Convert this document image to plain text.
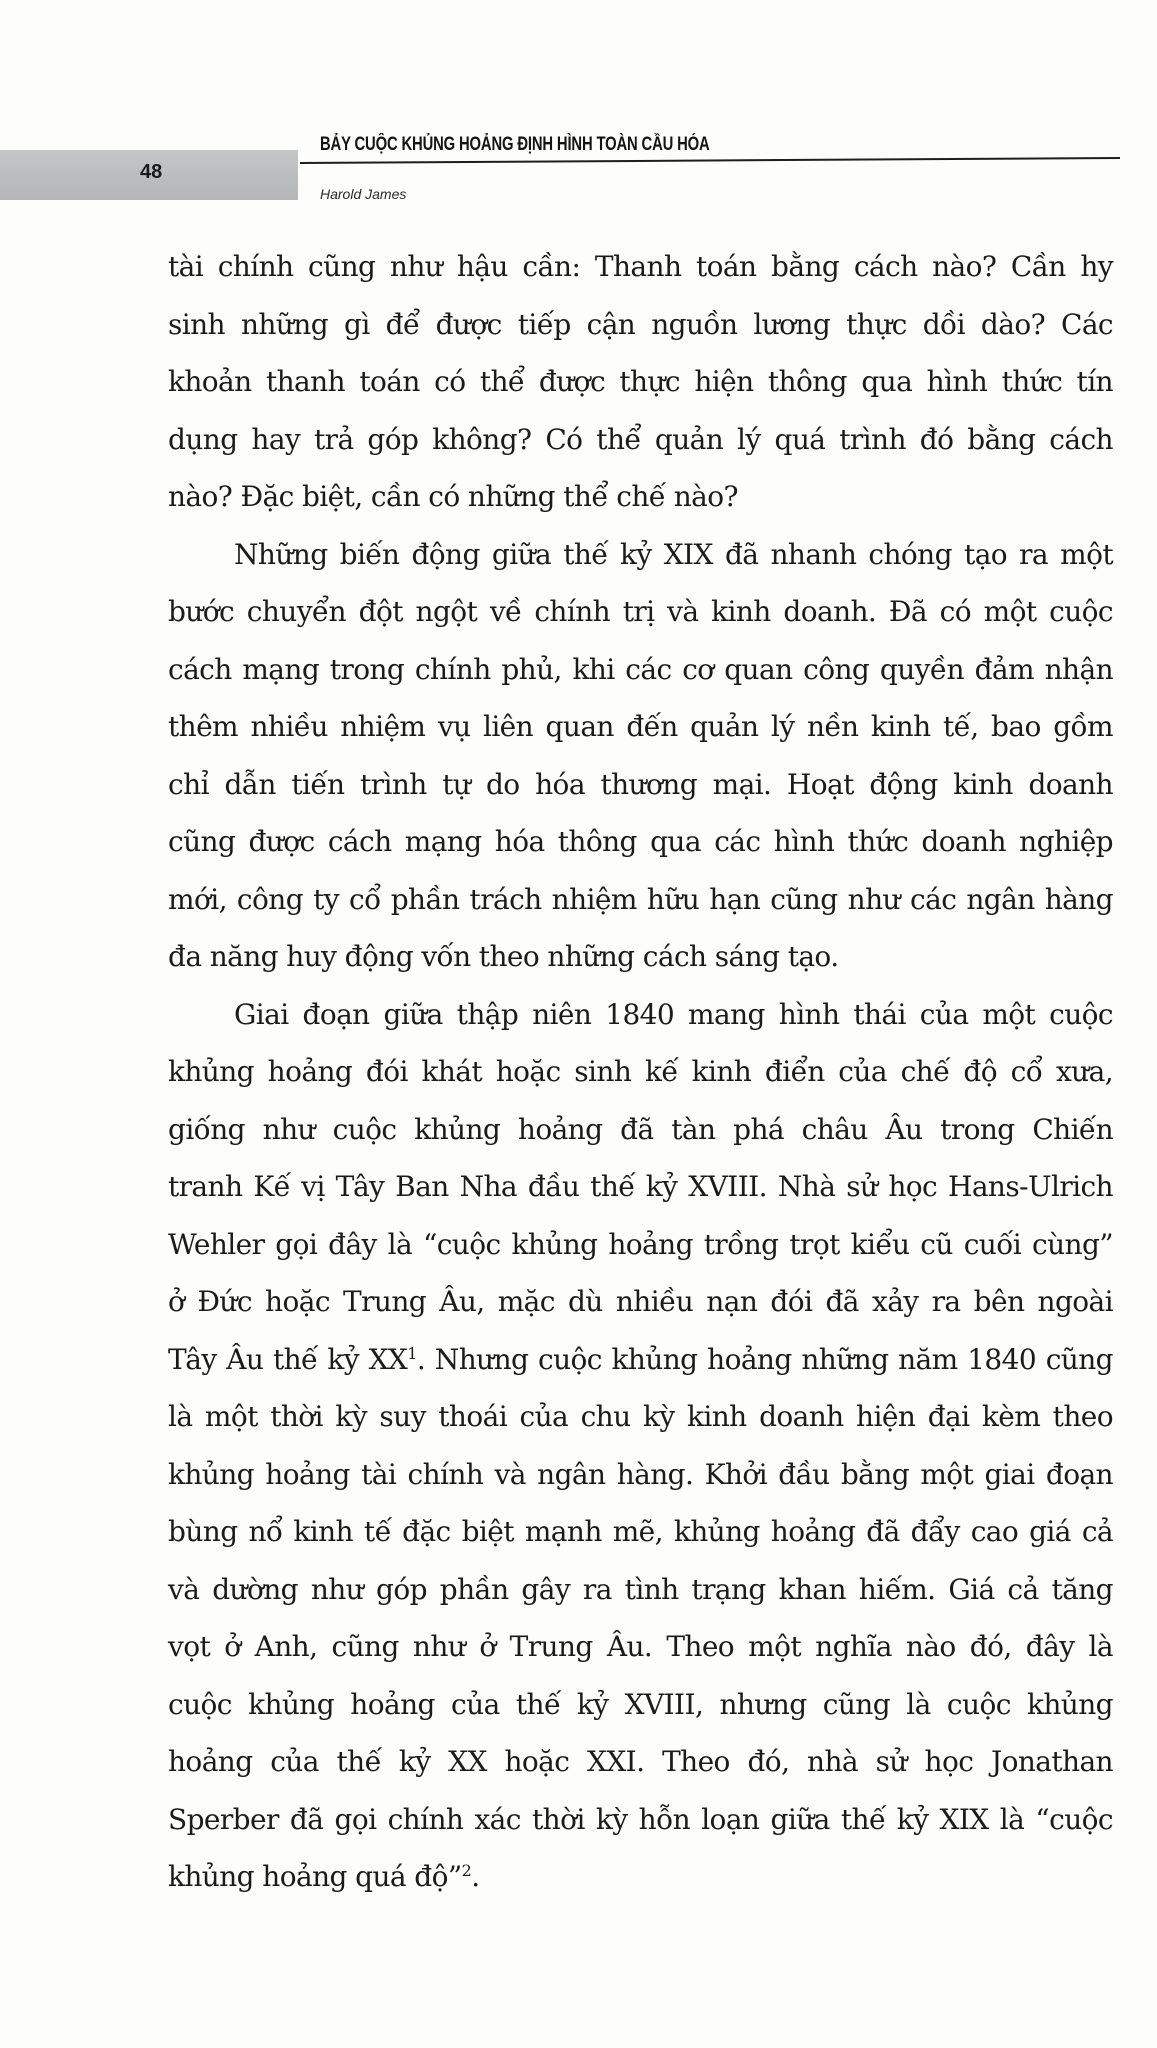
48
BẢY CUỘC KHỦNG HOẢNG ĐỊNH HÌNH TOÀN CẦU HÓA
Harold James
tài chính cũng như hậu cần: Thanh toán bằng cách nào? Cần hy
sinh những gì để được tiếp cận nguồn lương thực dồi dào? Các
khoản thanh toán có thể được thực hiện thông qua hình thức tín
dụng hay trả góp không? Có thể quản lý quá trình đó bằng cách
nào? Đặc biệt, cần có những thể chế nào?
Những biến động giữa thế kỷ XIX đã nhanh chóng tạo ra một
bước chuyển đột ngột về chính trị và kinh doanh. Đã có một cuộc
cách mạng trong chính phủ, khi các cơ quan công quyền đảm nhận
thêm nhiều nhiệm vụ liên quan đến quản lý nền kinh tế, bao gồm
chỉ dẫn tiến trình tự do hóa thương mại. Hoạt động kinh doanh
cũng được cách mạng hóa thông qua các hình thức doanh nghiệp
mới, công ty cổ phần trách nhiệm hữu hạn cũng như các ngân hàng
đa năng huy động vốn theo những cách sáng tạo.
Giai đoạn giữa thập niên 1840 mang hình thái của một cuộc
khủng hoảng đói khát hoặc sinh kế kinh điển của chế độ cổ xưa,
giống như cuộc khủng hoảng đã tàn phá châu Âu trong Chiến
tranh Kế vị Tây Ban Nha đầu thế kỷ XVIII. Nhà sử học Hans-Ulrich
Wehler gọi đây là “cuộc khủng hoảng trồng trọt kiểu cũ cuối cùng”
ở Đức hoặc Trung Âu, mặc dù nhiều nạn đói đã xảy ra bên ngoài
Tây Âu thế kỷ $XX^1$. Nhưng cuộc khủng hoảng những năm 1840 cũng
là một thời kỳ suy thoái của chu kỳ kinh doanh hiện đại kèm theo
khủng hoảng tài chính và ngân hàng. Khởi đầu bằng một giai đoạn
bùng nổ kinh tế đặc biệt mạnh mẽ, khủng hoảng đã đẩy cao giá cả
và dường như góp phần gây ra tình trạng khan hiếm. Giá cả tăng
vọt ở Anh, cũng như ở Trung Âu. Theo một nghĩa nào đó, đây là
cuộc khủng hoảng của thế kỷ XVIII, nhưng cũng là cuộc khủng
hoảng của thế kỷ XX hoặc XXI. Theo đó, nhà sử học Jonathan
Sperber đã gọi chính xác thời kỳ hỗn loạn giữa thế kỷ XIX là “cuộc
khủng hoảng quá độ”$^2$.
